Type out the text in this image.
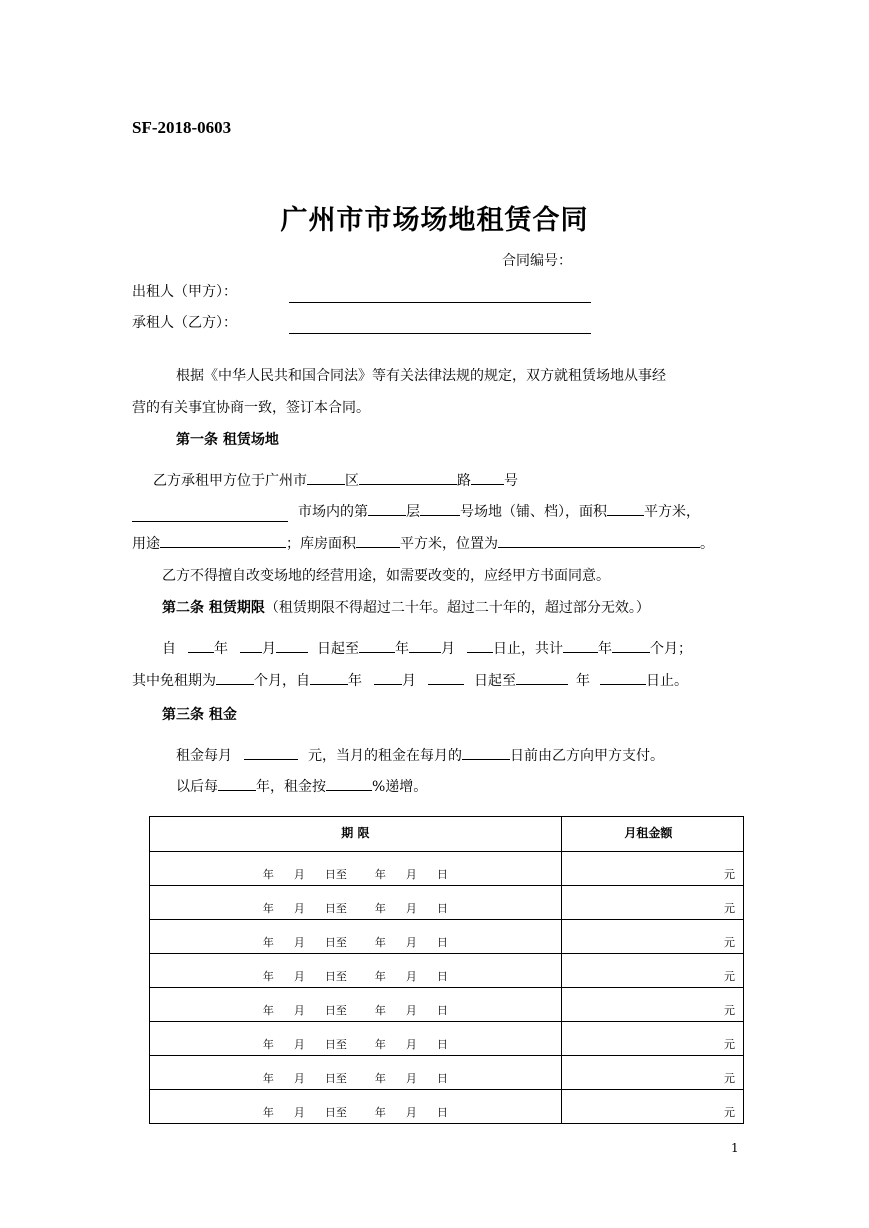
SF-2018-0603
广州市市场场地租赁合同
合同编号：
出租人（甲方）：
承租人（乙方）：
根据《中华人民共和国合同法》等有关法律法规的规定，双方就租赁场地从事经
营的有关事宜协商一致，签订本合同。
第一条 租赁场地
乙方承租甲方位于广州市	区	路 号
市场内的第	层	号场地（铺、档），面积	平方米，
用途	；库房面积	平方米，位置为	。
乙方不得擅自改变场地的经营用途，如需要改变的，应经甲方书面同意。
第二条 租赁期限（租赁期限不得超过二十年。超过二十年的，超过部分无效。）
自	年 月	日起至	年 月	日止，共计	年	个月；
其中免租期为	个月，自	年	月	日起至	年	日止。
第三条 租金
租金每月	元，当月的租金在每月的	日前由乙方向甲方支付。
以后每	年，租金按	%递增。
期 限	月租金额
年 月 日至 年 月 日	元
年 月 日至 年 月 日	元
年 月 日至 年 月 日	元
年 月 日至 年 月 日	元
年 月 日至 年 月 日	元
年 月 日至 年 月 日	元
年 月 日至 年 月 日	元
年 月 日至 年 月 日	元
1
